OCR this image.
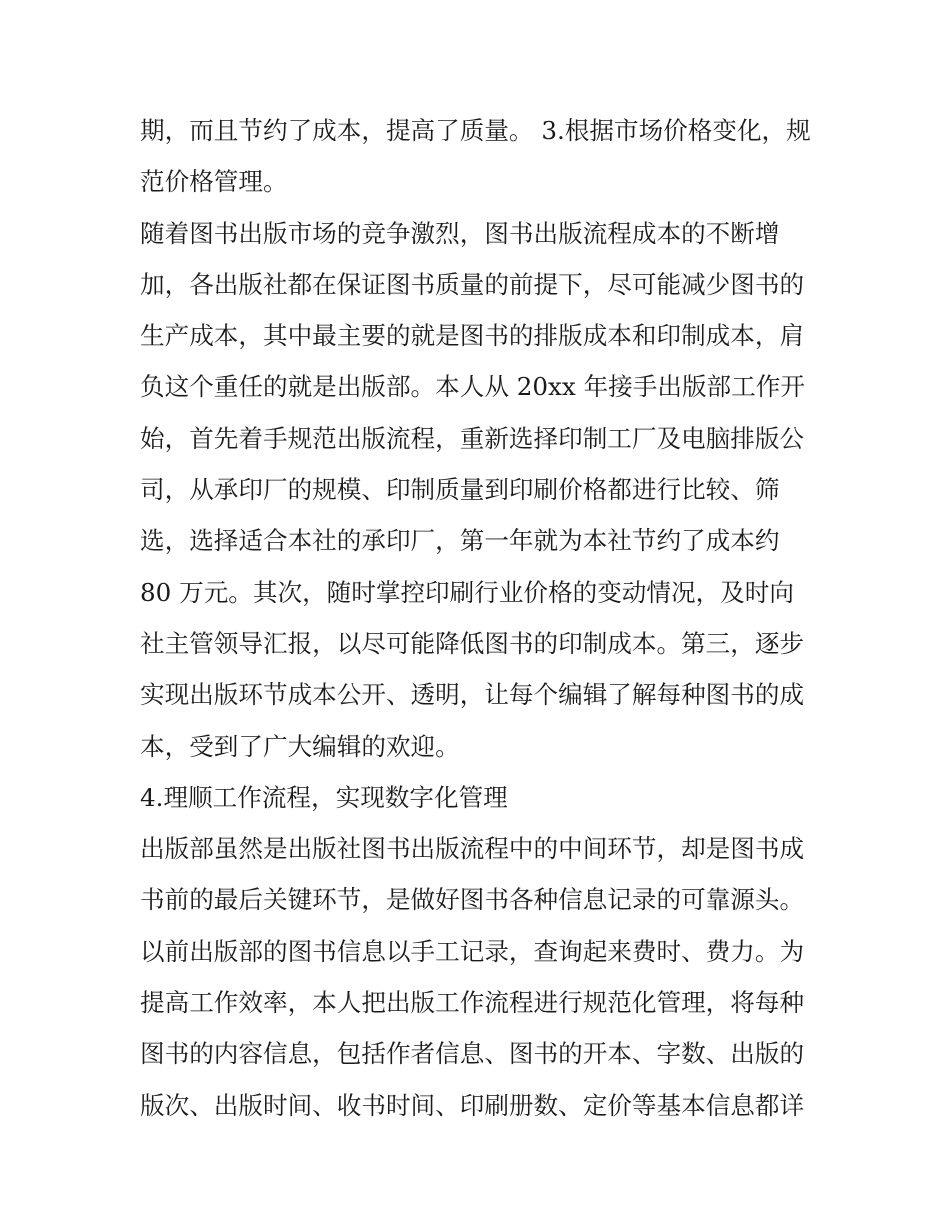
期，而且节约了成本，提高了质量。 3.根据市场价格变化，规
范价格管理。
随着图书出版市场的竞争激烈，图书出版流程成本的不断增
加，各出版社都在保证图书质量的前提下，尽可能减少图书的
生产成本，其中最主要的就是图书的排版成本和印制成本，肩
负这个重任的就是出版部。本人从 20xx 年接手出版部工作开
始，首先着手规范出版流程，重新选择印制工厂及电脑排版公
司，从承印厂的规模、印制质量到印刷价格都进行比较、筛
选，选择适合本社的承印厂，第一年就为本社节约了成本约
80 万元。其次，随时掌控印刷行业价格的变动情况，及时向
社主管领导汇报，以尽可能降低图书的印制成本。第三，逐步
实现出版环节成本公开、透明，让每个编辑了解每种图书的成
本，受到了广大编辑的欢迎。
4.理顺工作流程，实现数字化管理
出版部虽然是出版社图书出版流程中的中间环节，却是图书成
书前的最后关键环节，是做好图书各种信息记录的可靠源头。
以前出版部的图书信息以手工记录，查询起来费时、费力。为
提高工作效率，本人把出版工作流程进行规范化管理，将每种
图书的内容信息，包括作者信息、图书的开本、字数、出版的
版次、出版时间、收书时间、印刷册数、定价等基本信息都详
